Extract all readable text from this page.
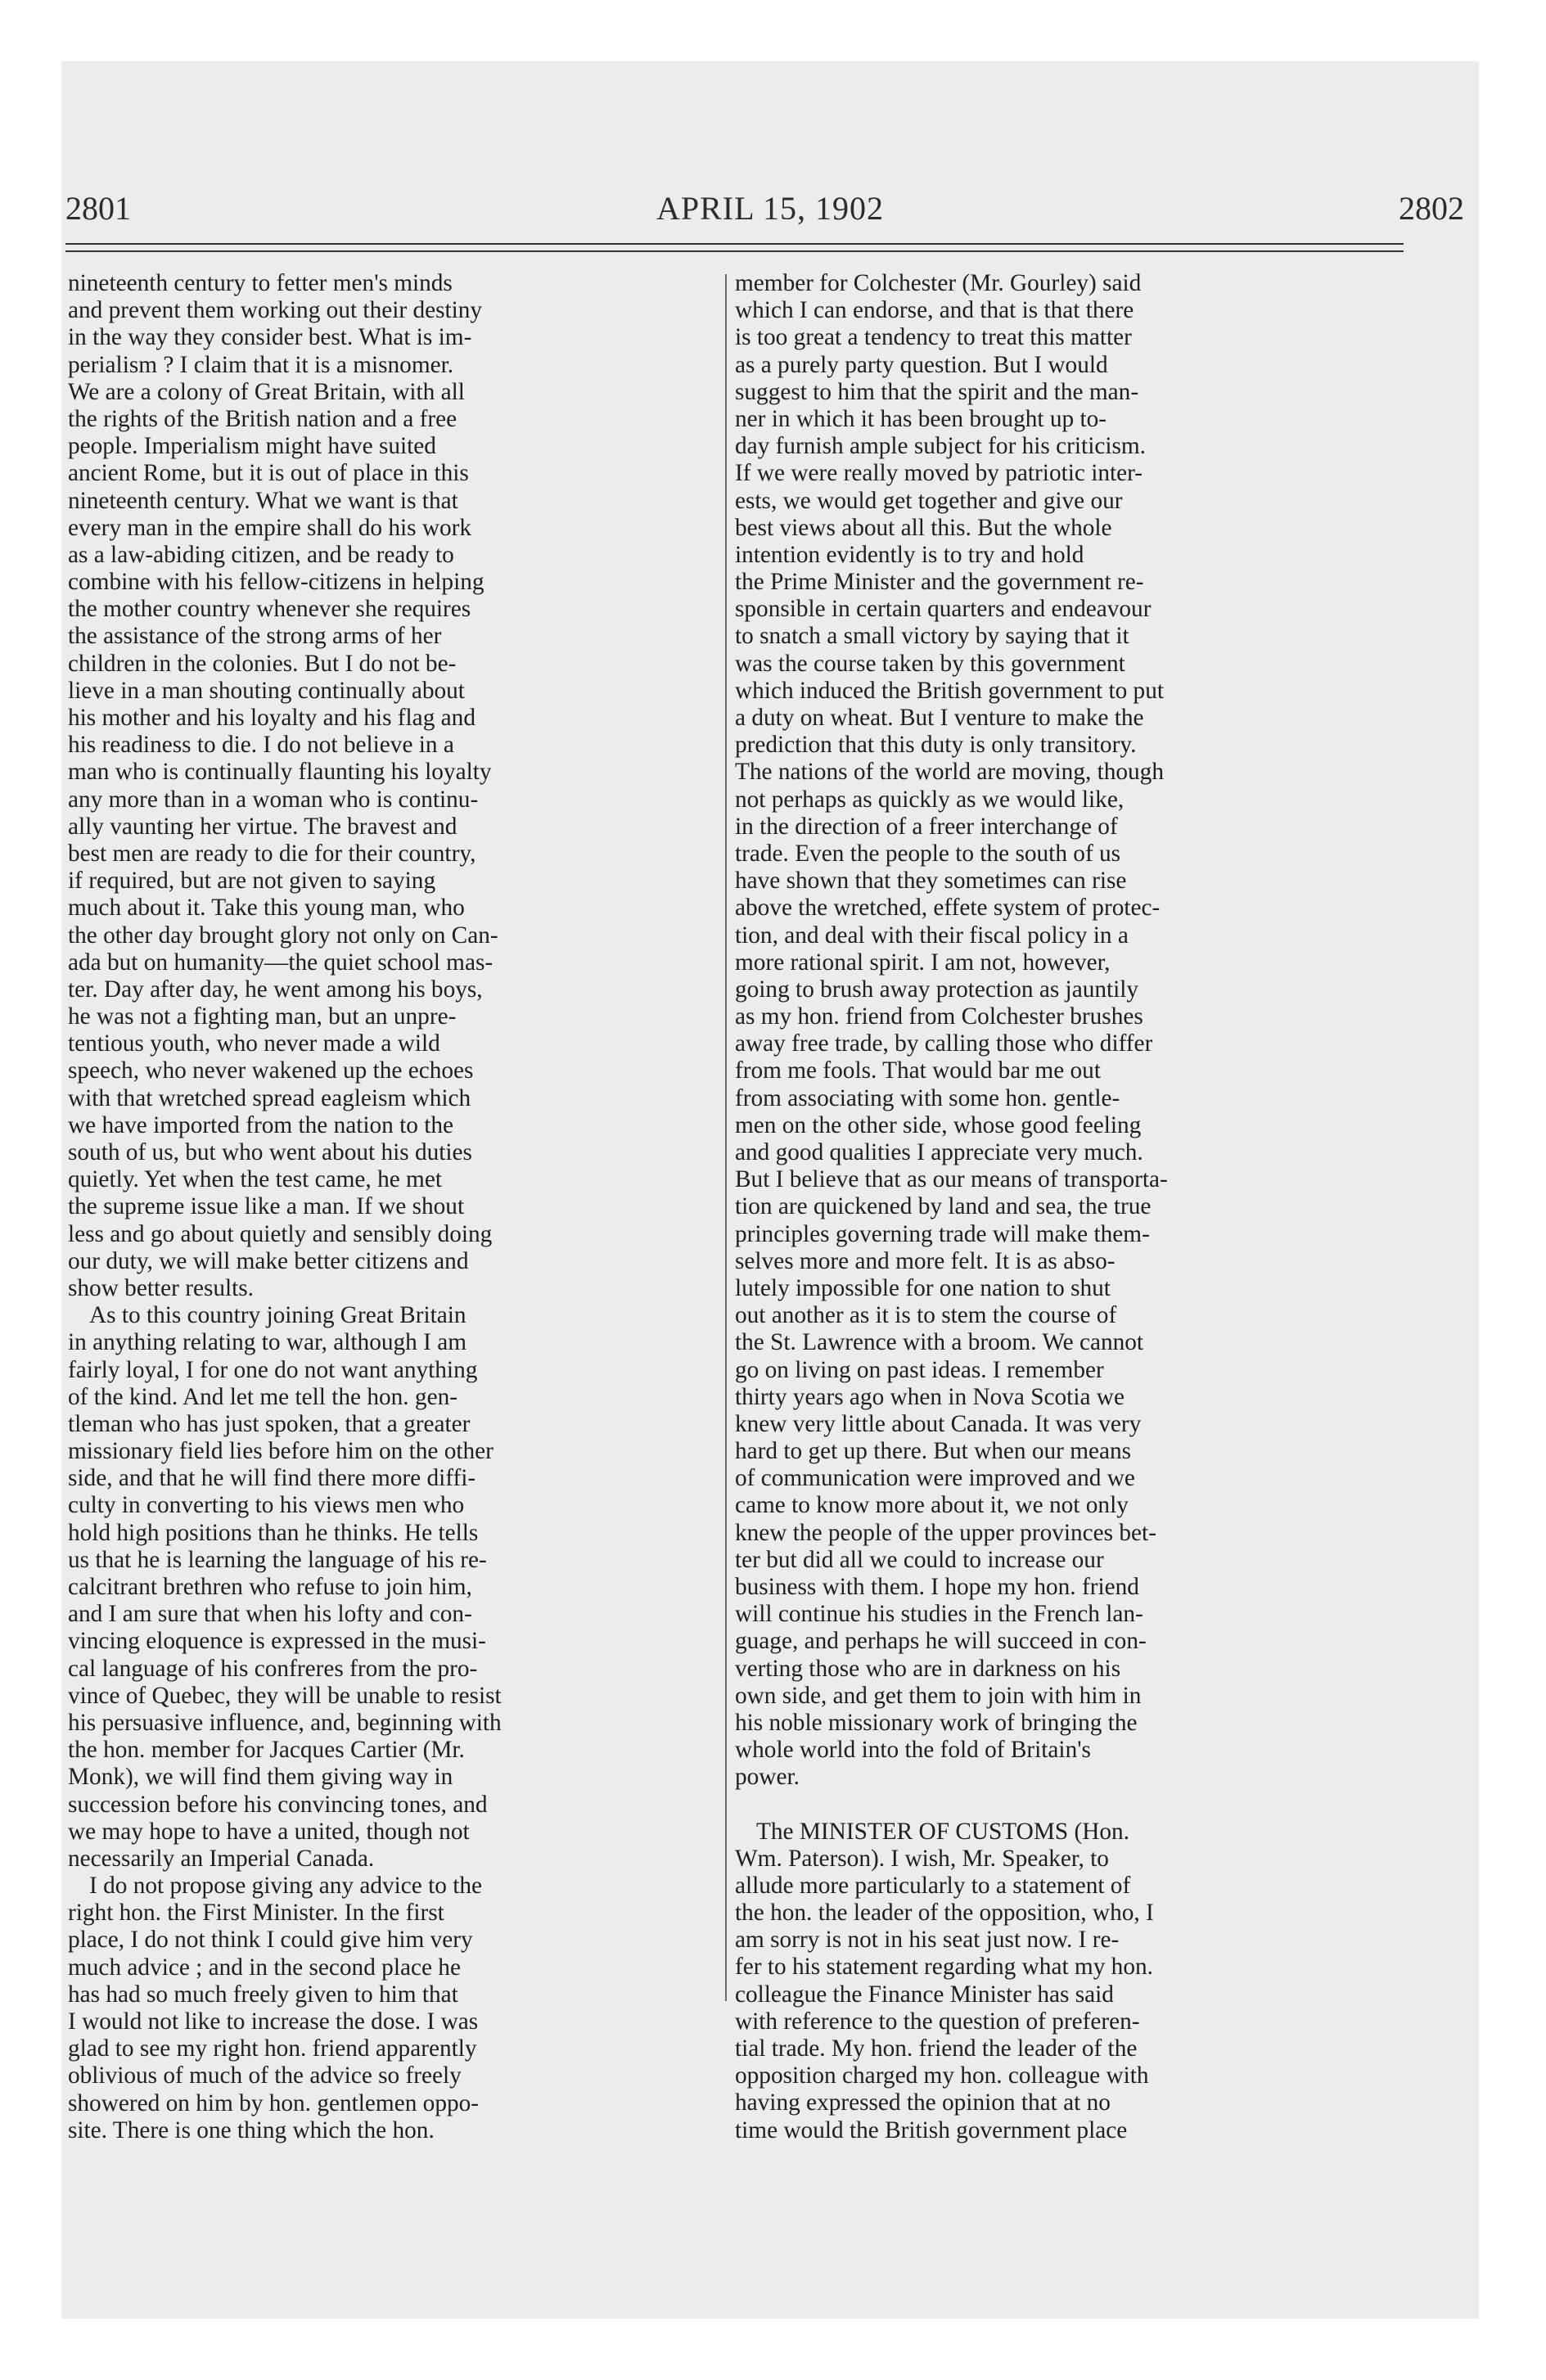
2801	APRIL 15, 1902	2802
nineteenth century to fetter men's minds
and prevent them working out their destiny
in the way they consider best. What is im-
perialism ? I claim that it is a misnomer.
We are a colony of Great Britain, with all
the rights of the British nation and a free
people. Imperialism might have suited
ancient Rome, but it is out of place in this
nineteenth century. What we want is that
every man in the empire shall do his work
as a law-abiding citizen, and be ready to
combine with his fellow-citizens in helping
the mother country whenever she requires
the assistance of the strong arms of her
children in the colonies. But I do not be-
lieve in a man shouting continually about
his mother and his loyalty and his flag and
his readiness to die. I do not believe in a
man who is continually flaunting his loyalty
any more than in a woman who is continu-
ally vaunting her virtue. The bravest and
best men are ready to die for their country,
if required, but are not given to saying
much about it. Take this young man, who
the other day brought glory not only on Can-
ada but on humanity—the quiet school mas-
ter. Day after day, he went among his boys,
he was not a fighting man, but an unpre-
tentious youth, who never made a wild
speech, who never wakened up the echoes
with that wretched spread eagleism which
we have imported from the nation to the
south of us, but who went about his duties
quietly. Yet when the test came, he met
the supreme issue like a man. If we shout
less and go about quietly and sensibly doing
our duty, we will make better citizens and
show better results.
As to this country joining Great Britain
in anything relating to war, although I am
fairly loyal, I for one do not want anything
of the kind. And let me tell the hon. gen-
tleman who has just spoken, that a greater
missionary field lies before him on the other
side, and that he will find there more diffi-
culty in converting to his views men who
hold high positions than he thinks. He tells
us that he is learning the language of his re-
calcitrant brethren who refuse to join him,
and I am sure that when his lofty and con-
vincing eloquence is expressed in the musi-
cal language of his confreres from the pro-
vince of Quebec, they will be unable to resist
his persuasive influence, and, beginning with
the hon. member for Jacques Cartier (Mr.
Monk), we will find them giving way in
succession before his convincing tones, and
we may hope to have a united, though not
necessarily an Imperial Canada.
I do not propose giving any advice to the
right hon. the First Minister. In the first
place, I do not think I could give him very
much advice ; and in the second place he
has had so much freely given to him that
I would not like to increase the dose. I was
glad to see my right hon. friend apparently
oblivious of much of the advice so freely
showered on him by hon. gentlemen oppo-
site. There is one thing which the hon.
member for Colchester (Mr. Gourley) said
which I can endorse, and that is that there
is too great a tendency to treat this matter
as a purely party question. But I would
suggest to him that the spirit and the man-
ner in which it has been brought up to-
day furnish ample subject for his criticism.
If we were really moved by patriotic inter-
ests, we would get together and give our
best views about all this. But the whole
intention evidently is to try and hold
the Prime Minister and the government re-
sponsible in certain quarters and endeavour
to snatch a small victory by saying that it
was the course taken by this government
which induced the British government to put
a duty on wheat. But I venture to make the
prediction that this duty is only transitory.
The nations of the world are moving, though
not perhaps as quickly as we would like,
in the direction of a freer interchange of
trade. Even the people to the south of us
have shown that they sometimes can rise
above the wretched, effete system of protec-
tion, and deal with their fiscal policy in a
more rational spirit. I am not, however,
going to brush away protection as jauntily
as my hon. friend from Colchester brushes
away free trade, by calling those who differ
from me fools. That would bar me out
from associating with some hon. gentle-
men on the other side, whose good feeling
and good qualities I appreciate very much.
But I believe that as our means of transporta-
tion are quickened by land and sea, the true
principles governing trade will make them-
selves more and more felt. It is as abso-
lutely impossible for one nation to shut
out another as it is to stem the course of
the St. Lawrence with a broom. We cannot
go on living on past ideas. I remember
thirty years ago when in Nova Scotia we
knew very little about Canada. It was very
hard to get up there. But when our means
of communication were improved and we
came to know more about it, we not only
knew the people of the upper provinces bet-
ter but did all we could to increase our
business with them. I hope my hon. friend
will continue his studies in the French lan-
guage, and perhaps he will succeed in con-
verting those who are in darkness on his
own side, and get them to join with him in
his noble missionary work of bringing the
whole world into the fold of Britain's
power.
The MINISTER OF CUSTOMS (Hon.
Wm. Paterson). I wish, Mr. Speaker, to
allude more particularly to a statement of
the hon. the leader of the opposition, who, I
am sorry is not in his seat just now. I re-
fer to his statement regarding what my hon.
colleague the Finance Minister has said
with reference to the question of preferen-
tial trade. My hon. friend the leader of the
opposition charged my hon. colleague with
having expressed the opinion that at no
time would the British government place
